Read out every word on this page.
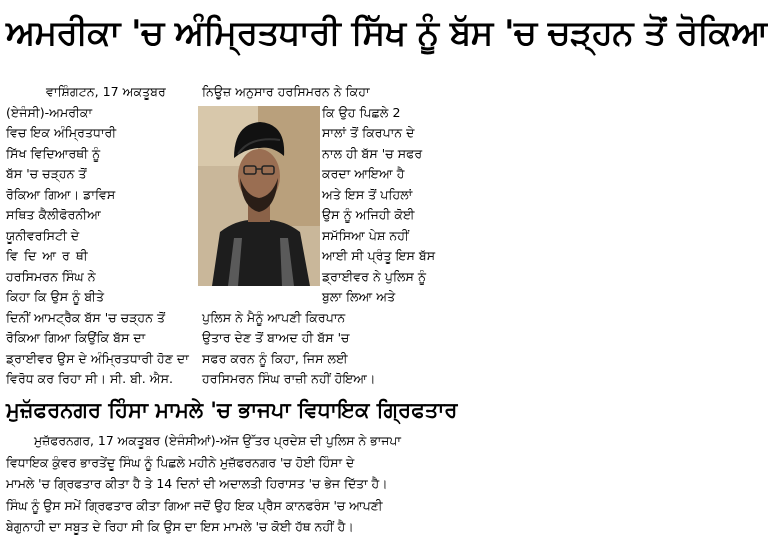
ਅਮਰੀਕਾ 'ਚ ਅੰਮ੍ਰਿਤਧਾਰੀ ਸਿੱਖ ਨੂੰ ਬੱਸ 'ਚ ਚੜ੍ਹਨ ਤੋਂ ਰੋਕਿਆ
ਵਾਸ਼ਿੰਗਟਨ, 17 ਅਕਤੂਬਰ
(ਏਜੰਸੀ)-ਅਮਰੀਕਾ
ਵਿਚ ਇਕ ਅੰਮ੍ਰਿਤਧਾਰੀ
ਸਿੱਖ ਵਿਦਿਆਰਥੀ ਨੂੰ
ਬੱਸ 'ਚ ਚੜ੍ਹਨ ਤੋਂ
ਰੋਕਿਆ ਗਿਆ। ਡਾਵਿਸ
ਸਥਿਤ ਕੈਲੀਫੋਰਨੀਆ
ਯੂਨੀਵਰਸਿਟੀ ਦੇ
ਵਿਦਿਆਰਥੀ
ਹਰਸਿਮਰਨ ਸਿੰਘ ਨੇ
ਕਿਹਾ ਕਿ ਉਸ ਨੂੰ ਬੀਤੇ
ਦਿਨੀਂ ਆਮਟ੍ਰੈਕ ਬੱਸ 'ਚ ਚੜ੍ਹਨ ਤੋਂ
ਰੋਕਿਆ ਗਿਆ ਕਿਉਂਕਿ ਬੱਸ ਦਾ
ਡ੍ਰਾਈਵਰ ਉਸ ਦੇ ਅੰਮ੍ਰਿਤਧਾਰੀ ਹੋਣ ਦਾ
ਵਿਰੋਧ ਕਰ ਰਿਹਾ ਸੀ। ਸੀ. ਬੀ. ਐਸ.
ਨਿਊਜ਼ ਅਨੁਸਾਰ ਹਰਸਿਮਰਨ ਨੇ ਕਿਹਾ
ਕਿ ਉਹ ਪਿਛਲੇ 2
ਸਾਲਾਂ ਤੋਂ ਕਿਰਪਾਨ ਦੇ
ਨਾਲ ਹੀ ਬੱਸ 'ਚ ਸਫਰ
ਕਰਦਾ ਆਇਆ ਹੈ
ਅਤੇ ਇਸ ਤੋਂ ਪਹਿਲਾਂ
ਉਸ ਨੂੰ ਅਜਿਹੀ ਕੋਈ
ਸਮੱਸਿਆ ਪੇਸ਼ ਨਹੀਂ
ਆਈ ਸੀ ਪ੍ਰੰਤੂ ਇਸ ਬੱਸ
ਡ੍ਰਾਈਵਰ ਨੇ ਪੁਲਿਸ ਨੂੰ
ਬੁਲਾ ਲਿਆ ਅਤੇ
ਪੁਲਿਸ ਨੇ ਮੈਨੂੰ ਆਪਣੀ ਕਿਰਪਾਨ
ਉਤਾਰ ਦੇਣ ਤੋਂ ਬਾਅਦ ਹੀ ਬੱਸ 'ਚ
ਸਫਰ ਕਰਨ ਨੂੰ ਕਿਹਾ, ਜਿਸ ਲਈ
ਹਰਸਿਮਰਨ ਸਿੰਘ ਰਾਜ਼ੀ ਨਹੀਂ ਹੋਇਆ।
ਮੁਜ਼ੱਫਰਨਗਰ ਹਿੰਸਾ ਮਾਮਲੇ 'ਚ ਭਾਜਪਾ ਵਿਧਾਇਕ ਗ੍ਰਿਫਤਾਰ
ਮੁਜ਼ੱਫਰਨਗਰ, 17 ਅਕਤੂਬਰ (ਏਜੰਸੀਆਂ)-ਅੱਜ ਉੱਤਰ ਪ੍ਰਦੇਸ਼ ਦੀ ਪੁਲਿਸ ਨੇ ਭਾਜਪਾ
ਵਿਧਾਇਕ ਕੁੰਵਰ ਭਾਰਤੇਂਦੂ ਸਿੰਘ ਨੂੰ ਪਿਛਲੇ ਮਹੀਨੇ ਮੁਜ਼ੱਫਰਨਗਰ 'ਚ ਹੋਈ ਹਿੰਸਾ ਦੇ
ਮਾਮਲੇ 'ਚ ਗ੍ਰਿਫਤਾਰ ਕੀਤਾ ਹੈ ਤੇ 14 ਦਿਨਾਂ ਦੀ ਅਦਾਲਤੀ ਹਿਰਾਸਤ 'ਚ ਭੇਜ ਦਿੱਤਾ ਹੈ।
ਸਿੰਘ ਨੂੰ ਉਸ ਸਮੇਂ ਗ੍ਰਿਫਤਾਰ ਕੀਤਾ ਗਿਆ ਜਦੋਂ ਉਹ ਇਕ ਪ੍ਰੈਸ ਕਾਨਫਰੰਸ 'ਚ ਆਪਣੀ
ਬੇਗੁਨਾਹੀ ਦਾ ਸਬੂਤ ਦੇ ਰਿਹਾ ਸੀ ਕਿ ਉਸ ਦਾ ਇਸ ਮਾਮਲੇ 'ਚ ਕੋਈ ਹੱਥ ਨਹੀਂ ਹੈ।
